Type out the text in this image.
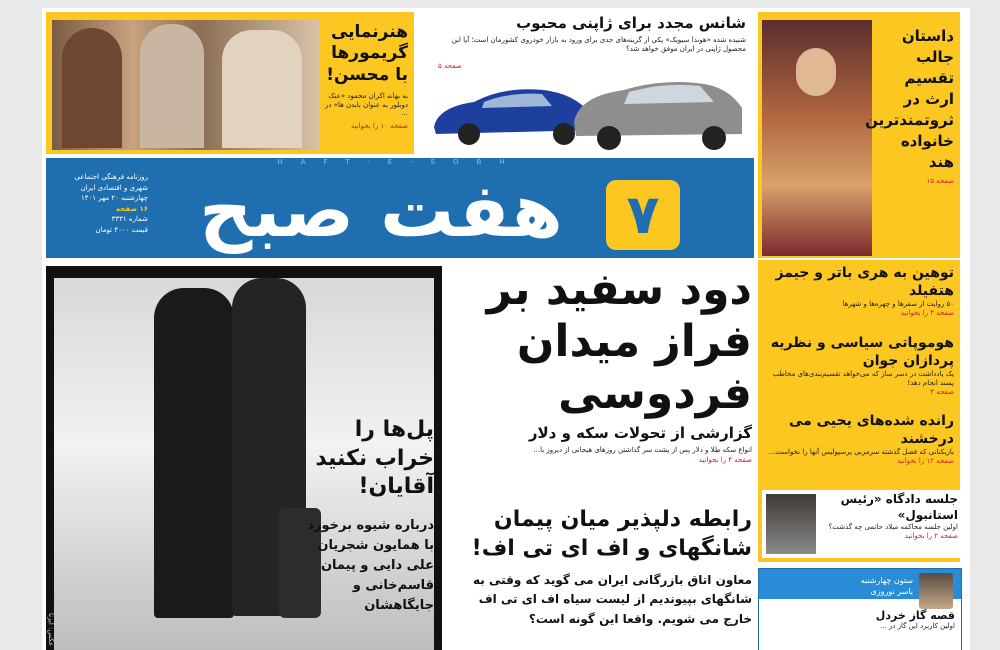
هنرنمایی گریمورها با محسن!
به بهانه اکران محمود «عنک دوبلور به عنوان بایدن ها» در ...
صفحه ۱۰ را بخوانید
شانس مجدد برای ژاپنی محبوب
شنیده شده «هوندا سیویک» یکی از گزینه‌های جدی برای ورود به بازار خودروی کشورمان است؛ آیا این محصول ژاپنی در ایران موفق خواهد شد؟
صفحه ۵
داستان جالب تقسیم ارث در ثروتمندترین خانواده هند
صفحه ۱۵
HAFT-E-SOBH
روزنامه فرهنگی اجتماعی
شهری و اقتصادی ایران
چهارشنبه ۲۰ مهر ۱۴۰۱
۱۶ صفحه
شماره ۳۳۳۱
قیمت ۴۰۰۰ تومان هفت صبح	۷
پل‌ها را خراب نکنید آقایان!
درباره شیوه برخورد با همایون شجریان علی دایی و پیمان قاسم‌خانی و جایگاهشان
عکس: ایرنا
دود سفید بر فراز میدان فردوسی
گزارشی از تحولات سکه و دلار
انواع سکه طلا و دلار پس از پشت سر گذاشتن روزهای هیجانی از دیروز با...
صفحه ۴ را بخوانید
رابطه دلپذیر میان پیمان شانگهای و اف ای تی اف!
معاون اتاق بازرگانی ایران می گوید که وقتی به شانگهای بپیوندیم از لیست سیاه اف ای تی اف خارج می شویم. واقعا این گونه است؟
توهین به هری باتر و جیمز هتفیلد
۵۰ روایت از سفرها و چهره‌ها و شهرها
صفحه ۴ را بخوانید
هوموپاتی سیاسی و نظریه پردازان جوان
یک یادداشت در دسر ساز که می‌خواهد تقسیم‌بندی‌های مخاطب پسند انجام دهد!
صفحه ۴
رانده شده‌های یحیی می درخشند
بازیکنانی که فصل گذشته سرمربی پرسپولیس آنها را نخواست...
صفحه ۱۲ را بخوانید
جلسه دادگاه «رئیس استانبول»
اولین جلسه محاکمه میلاد حاتمی چه گذشت؟
صفحه ۲ را بخوانید
ستون چهارشنبه
یاسر نوروزی
قصه گاز خردل
اولین کاربرد این گاز در ...
